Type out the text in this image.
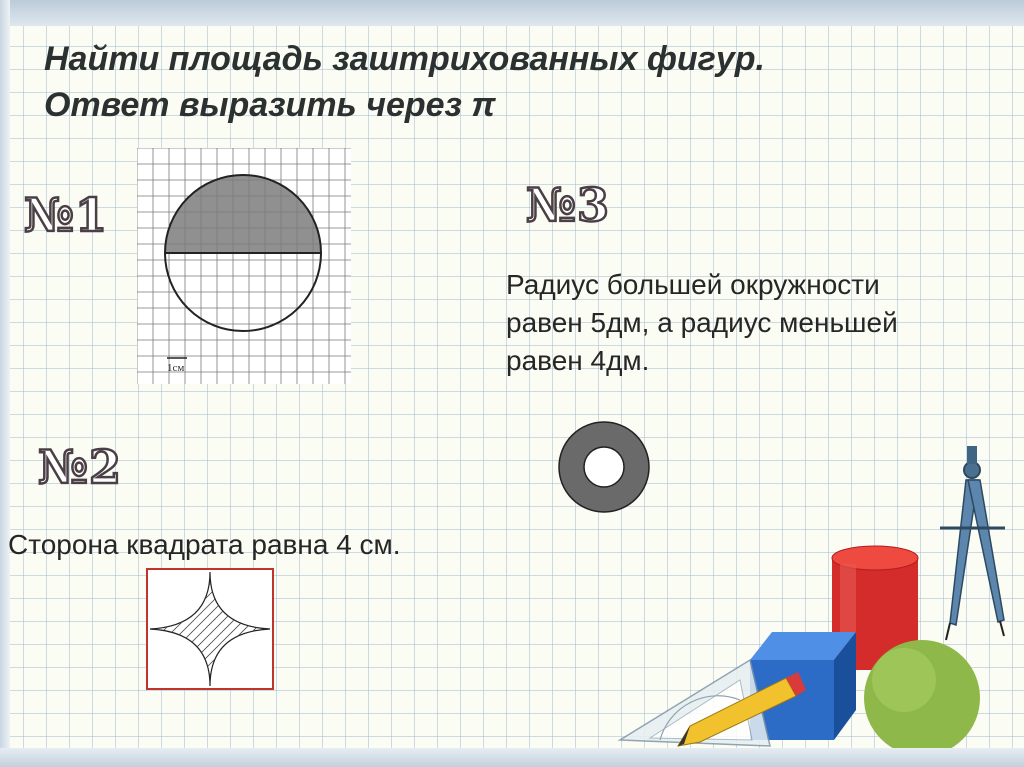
Найти площадь заштрихованных фигур. Ответ выразить через π
№1
1см
№3

Радиус большей окружности равен 5дм, а радиус меньшей равен 4дм.

№2

Сторона квадрата равна 4 см.
